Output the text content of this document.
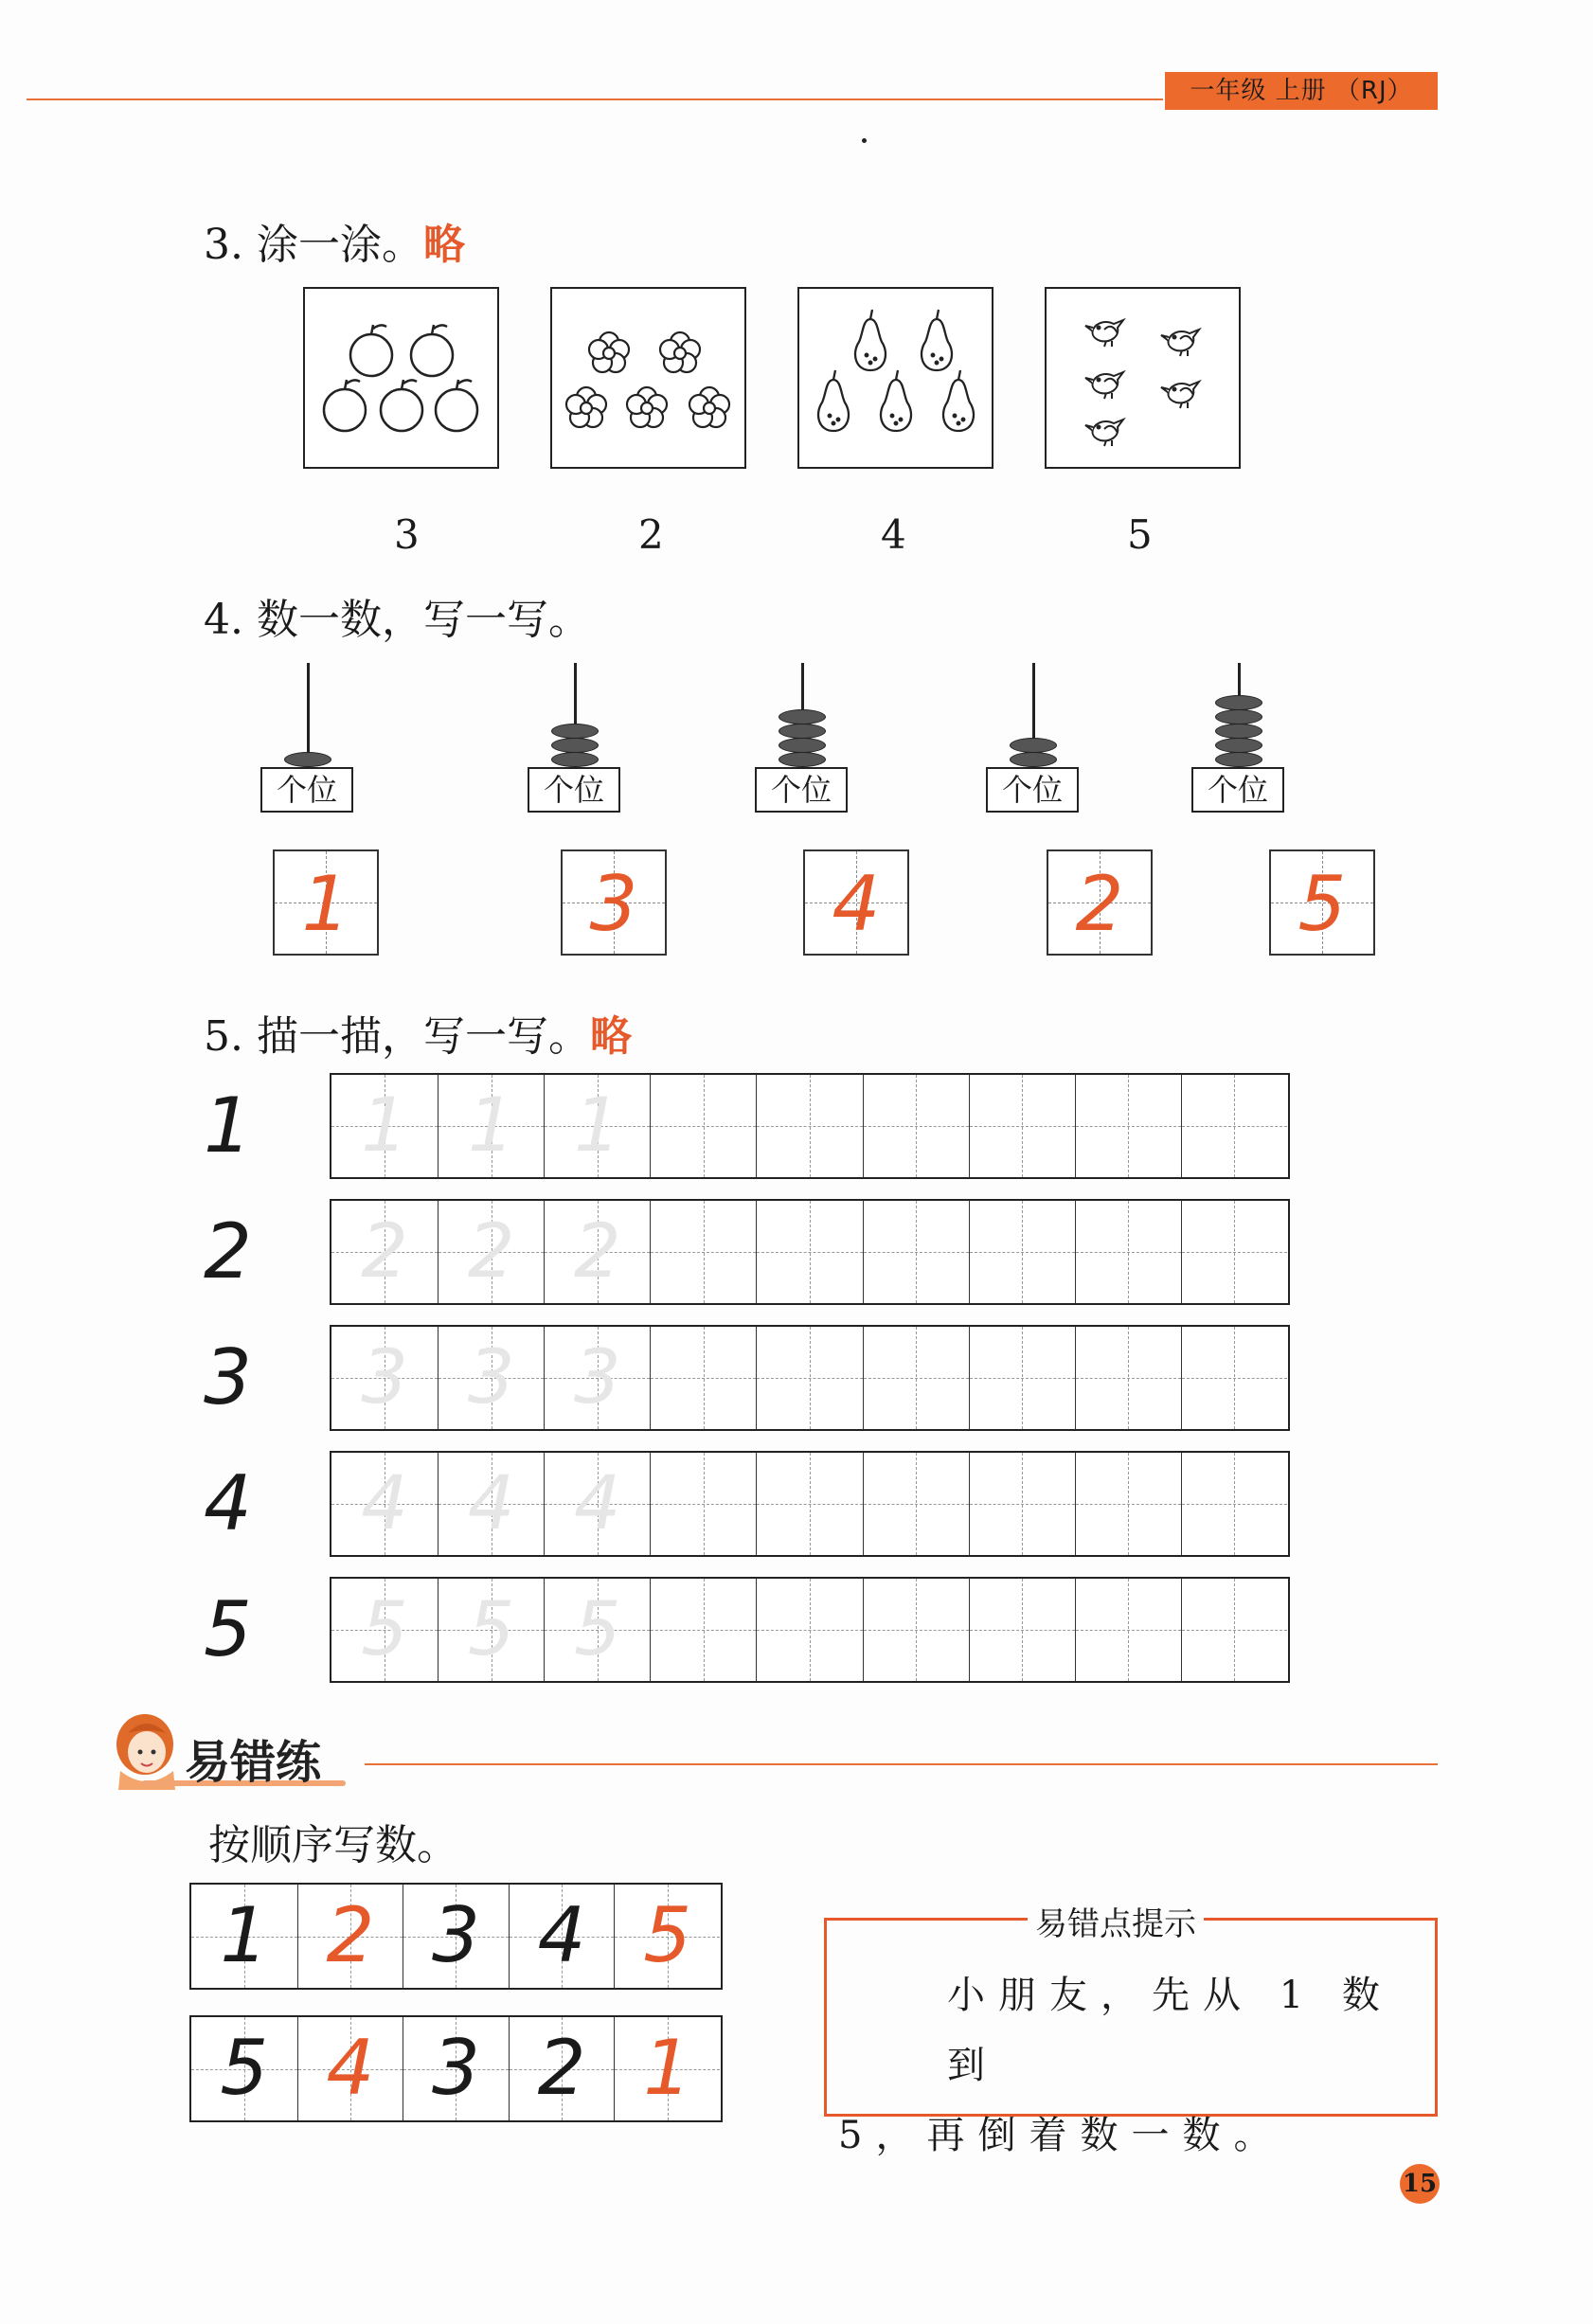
一年级 上册 （RJ）
3. 涂一涂。略
3	2	4	5
4. 数一数，写一写。
个位	个位	个位	个位	个位
1	3	4	2	5
5. 描一描，写一写。略
1	1 1 1
2	2 2 2
3	3 3 3
4	4 4 4
5	5 5 5
易错练
按顺序写数。
1 2 3 4 5
5 4 3 2 1
易错点提示
小朋友，先从 1 数到
5，再倒着数一数。
15
